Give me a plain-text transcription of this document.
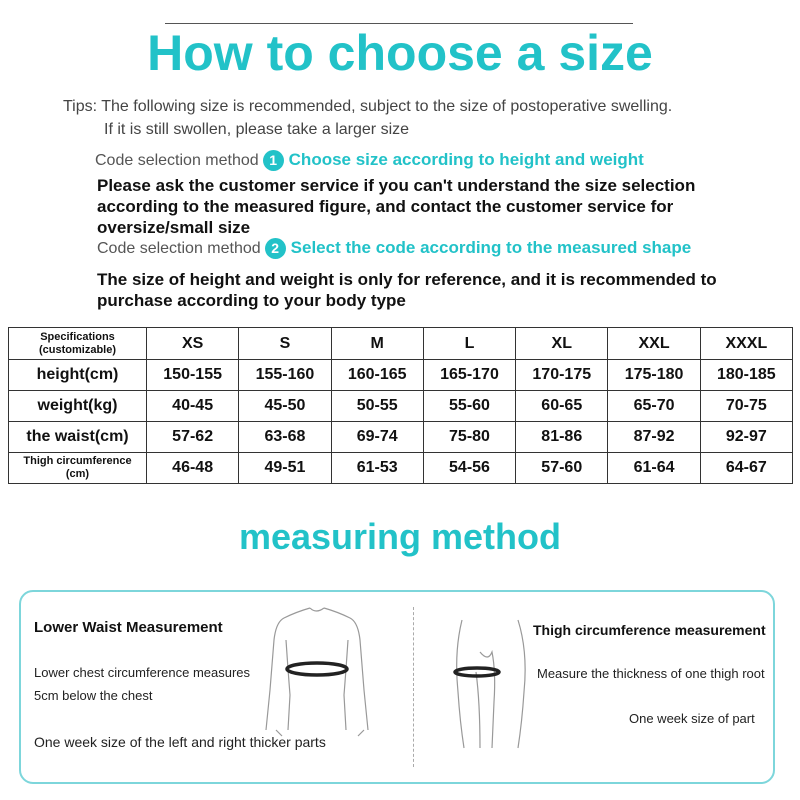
How to choose a size
Tips: The following size is recommended, subject to the size of postoperative swelling.
If it is still swollen, please take a larger size
Code selection method 1 Choose size according to height and weight
Please ask the customer service if you can't understand the size selection
according to the measured figure, and contact the customer service for
oversize/small size
Code selection method 2 Select the code according to the measured shape
The size of height and weight is only for reference, and it is recommended to
purchase according to your body type
Specifications
(customizable)	XS	S	M	L	XL	XXL	XXXL
height(cm)	150-155	155-160	160-165	165-170	170-175	175-180	180-185
weight(kg)	40-45	45-50	50-55	55-60	60-65	65-70	70-75
the waist(cm)	57-62	63-68	69-74	75-80	81-86	87-92	92-97

Thigh circumference
(cm)	46-48	49-51	61-53	54-56	57-60	61-64	64-67
measuring method
Lower Waist Measurement
Lower chest circumference measures
5cm below the chest
One week size of the left and right thicker parts
Thigh circumference measurement
Measure the thickness of one thigh root
One week size of part
